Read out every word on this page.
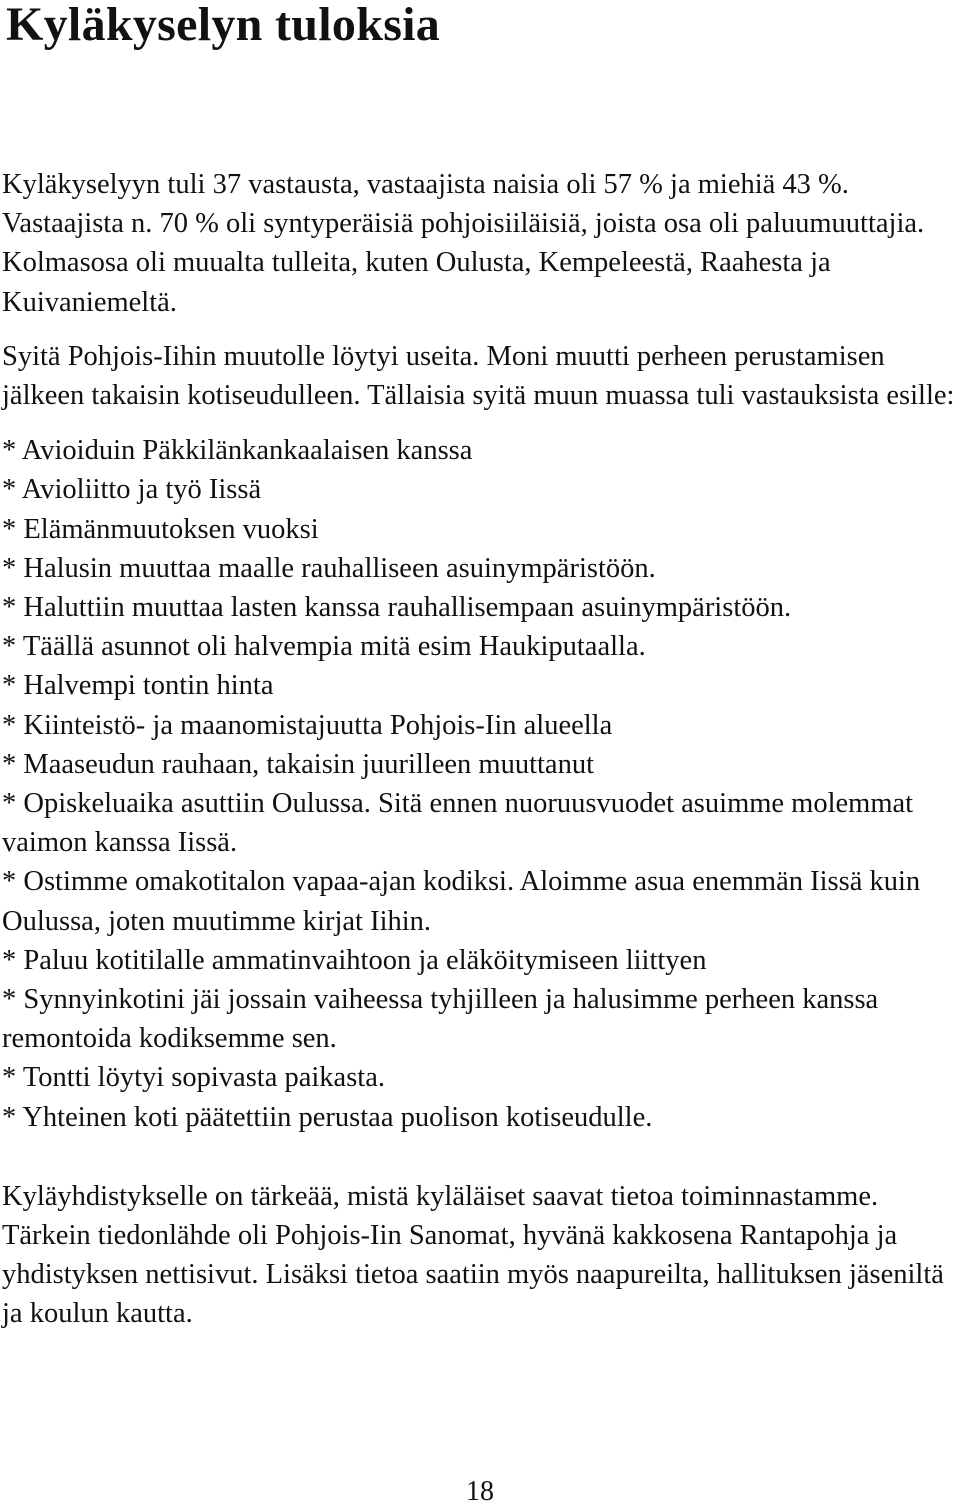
Kyläkyselyn tuloksia

Kyläkyselyyn tuli 37 vastausta, vastaajista naisia oli 57 % ja miehiä 43 %. Vastaajista n. 70 % oli syntyperäisiä pohjoisiiläisiä, joista osa oli paluumuuttajia. Kolmasosa oli muualta tulleita, kuten Oulusta, Kempeleestä, Raahesta ja Kuivaniemeltä.

Syitä Pohjois-Iihin muutolle löytyi useita. Moni muutti perheen perustamisen jälkeen takaisin kotiseudulleen. Tällaisia syitä muun muassa tuli vastauksista esille:

* Avioiduin Päkkilänkankaalaisen kanssa
* Avioliitto ja työ Iissä
* Elämänmuutoksen vuoksi
* Halusin muuttaa maalle rauhalliseen asuinympäristöön.
* Haluttiin muuttaa lasten kanssa rauhallisempaan asuinympäristöön.
* Täällä asunnot oli halvempia mitä esim Haukiputaalla.
* Halvempi tontin hinta
* Kiinteistö- ja maanomistajuutta Pohjois-Iin alueella
* Maaseudun rauhaan, takaisin juurilleen muuttanut
* Opiskeluaika asuttiin Oulussa. Sitä ennen nuoruusvuodet asuimme molemmat vaimon kanssa Iissä.
* Ostimme omakotitalon vapaa-ajan kodiksi. Aloimme asua enemmän Iissä kuin Oulussa, joten muutimme kirjat Iihin.
* Paluu kotitilalle ammatinvaihtoon ja eläköitymiseen liittyen
* Synnyinkotini jäi jossain vaiheessa tyhjilleen ja halusimme perheen kanssa remontoida kodiksemme sen.
* Tontti löytyi sopivasta paikasta.
* Yhteinen koti päätettiin perustaa puolison kotiseudulle.

Kyläyhdistykselle on tärkeää, mistä kyläläiset saavat tietoa toiminnastamme. Tärkein tiedonlähde oli Pohjois-Iin Sanomat, hyvänä kakkosena Rantapohja ja yhdistyksen nettisivut. Lisäksi tietoa saatiin myös naapureilta, hallituksen jäseniltä ja koulun kautta.

18
